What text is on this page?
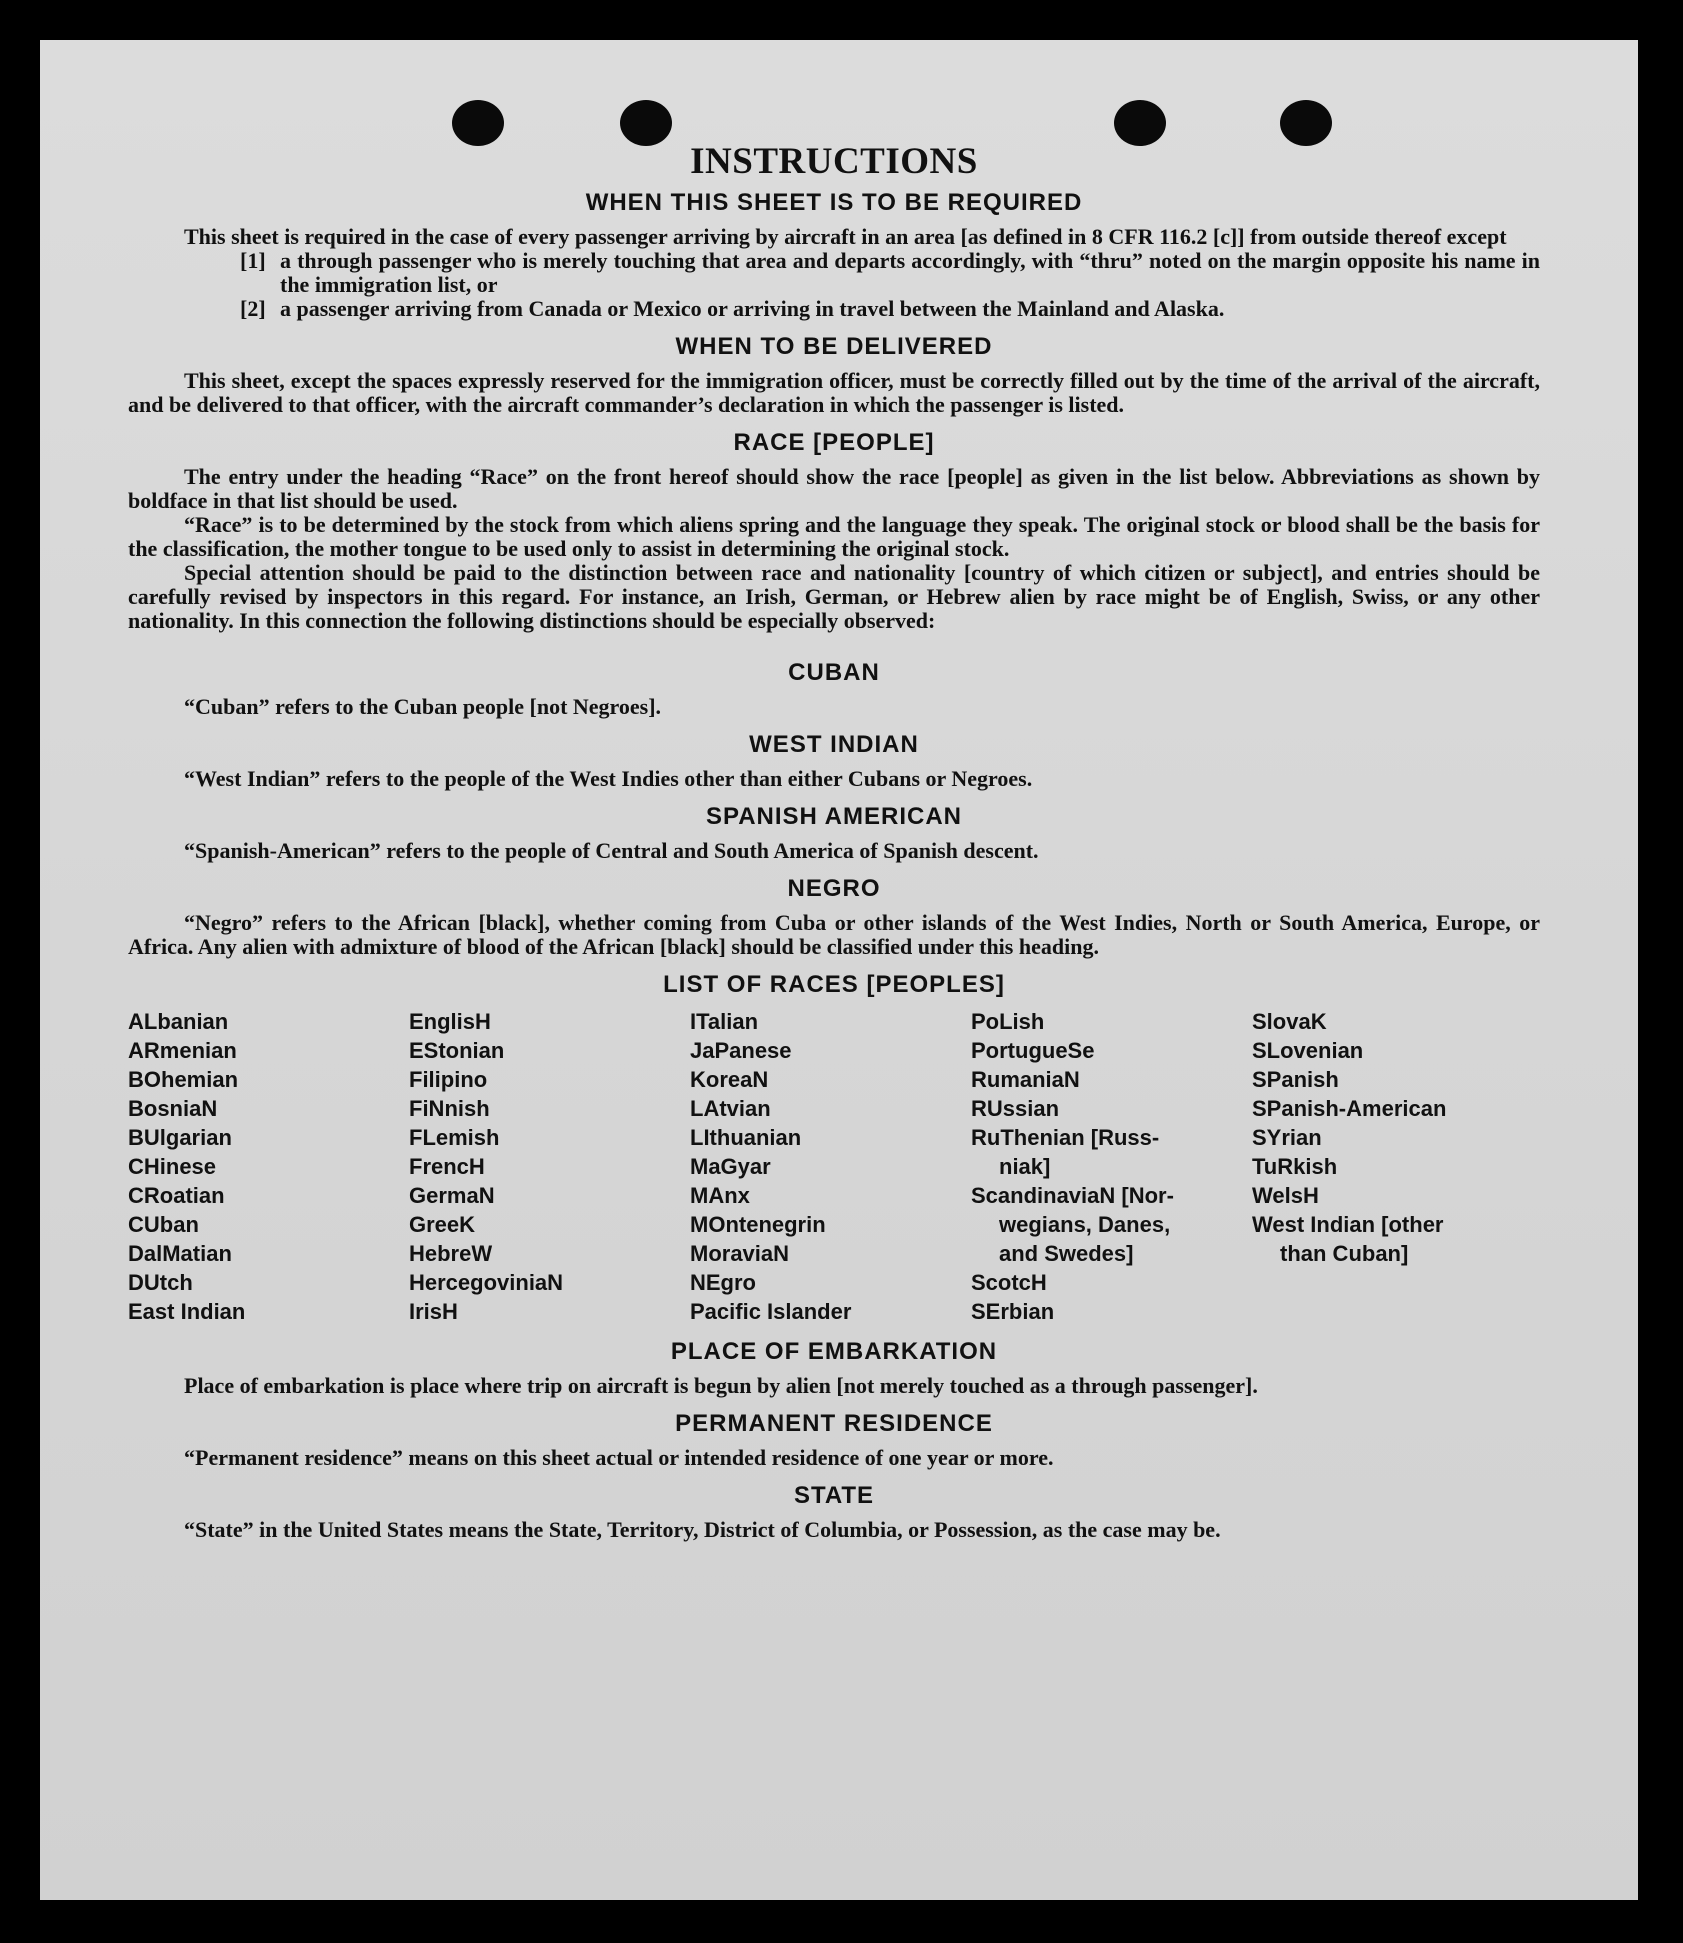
INSTRUCTIONS
WHEN THIS SHEET IS TO BE REQUIRED

This sheet is required in the case of every passenger arriving by aircraft in an area [as defined in 8 CFR 116.2 [c]] from outside thereof except

[1] a through passenger who is merely touching that area and departs accordingly, with “thru” noted on the margin opposite his name in the immigration list, or

[2] a passenger arriving from Canada or Mexico or arriving in travel between the Mainland and Alaska.

WHEN TO BE DELIVERED

This sheet, except the spaces expressly reserved for the immigration officer, must be correctly filled out by the time of the arrival of the aircraft, and be delivered to that officer, with the aircraft commander’s declaration in which the passenger is listed.

RACE [PEOPLE]

The entry under the heading “Race” on the front hereof should show the race [people] as given in the list below. Abbreviations as shown by boldface in that list should be used.

“Race” is to be determined by the stock from which aliens spring and the language they speak. The original stock or blood shall be the basis for the classification, the mother tongue to be used only to assist in determining the original stock.

Special attention should be paid to the distinction between race and nationality [country of which citizen or subject], and entries should be carefully revised by inspectors in this regard. For instance, an Irish, German, or Hebrew alien by race might be of English, Swiss, or any other nationality. In this connection the following distinctions should be especially observed:

CUBAN

“Cuban” refers to the Cuban people [not Negroes].

WEST INDIAN

“West Indian” refers to the people of the West Indies other than either Cubans or Negroes.

SPANISH AMERICAN

“Spanish-American” refers to the people of Central and South America of Spanish descent.

NEGRO

“Negro” refers to the African [black], whether coming from Cuba or other islands of the West Indies, North or South America, Europe, or Africa. Any alien with admixture of blood of the African [black] should be classified under this heading.

LIST OF RACES [PEOPLES]
ALbanian
ARmenian
BOhemian
BosniaN
BUlgarian
CHinese
CRoatian
CUban
DalMatian
DUtch
East Indian
EnglisH
EStonian
Filipino
FiNnish
FLemish
FrencH
GermaN
GreeK
HebreW
HercegoviniaN
IrisH
ITalian
JaPanese
KoreaN
LAtvian
LIthuanian
MaGyar
MAnx
MOntenegrin
MoraviaN
NEgro
Pacific Islander
PoLish
PortugueSe
RumaniaN
RUssian
RuThenian [Russ-
niak]
ScandinaviaN [Nor-
wegians, Danes,
and Swedes]
ScotcH
SErbian
SlovaK
SLovenian
SPanish
SPanish-American
SYrian
TuRkish
WelsH
West Indian [other
than Cuban]
PLACE OF EMBARKATION

Place of embarkation is place where trip on aircraft is begun by alien [not merely touched as a through passenger].

PERMANENT RESIDENCE

“Permanent residence” means on this sheet actual or intended residence of one year or more.

STATE

“State” in the United States means the State, Territory, District of Columbia, or Possession, as the case may be.
